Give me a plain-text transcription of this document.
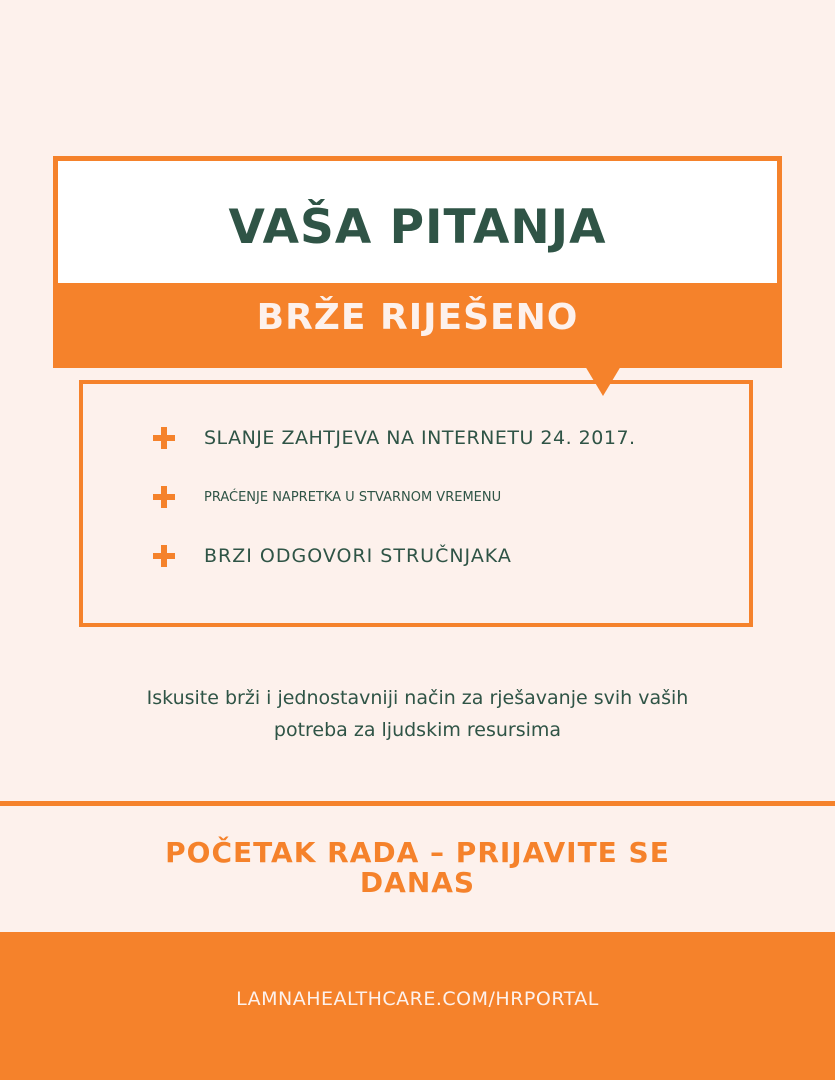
VAŠA PITANJA
BRŽE RIJEŠENO
SLANJE ZAHTJEVA NA INTERNETU 24. 2017.
PRAĆENJE NAPRETKA U STVARNOM VREMENU
BRZI ODGOVORI STRUČNJAKA
Iskusite brži i jednostavniji način za rješavanje svih vaših
potreba za ljudskim resursima
POČETAK RADA – PRIJAVITE SE
DANAS
LAMNAHEALTHCARE.COM/HRPORTAL
